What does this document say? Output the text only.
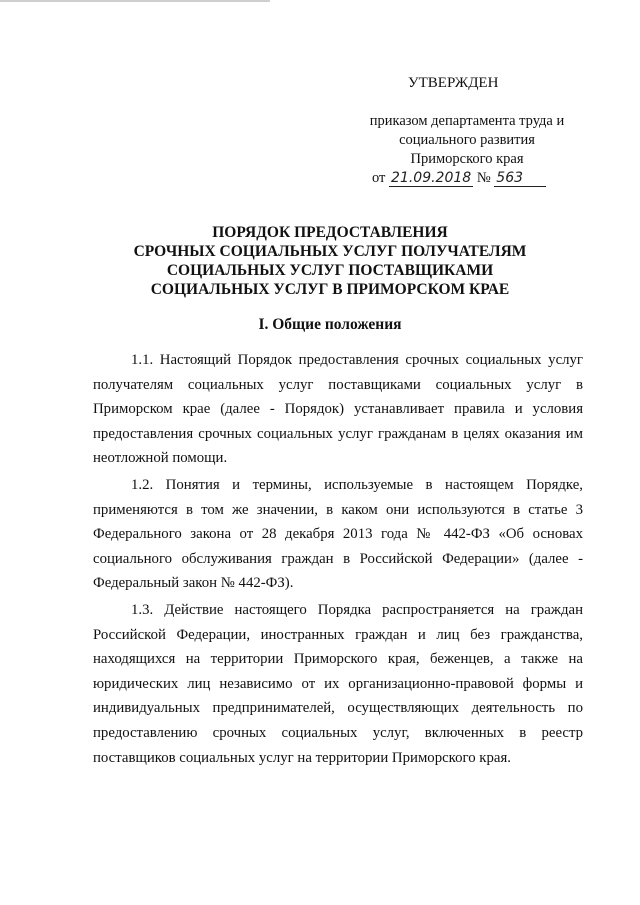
УТВЕРЖДЕН
приказом департамента труда и
социального развития
Приморского края
от 21.09.2018 № 563
ПОРЯДОК ПРЕДОСТАВЛЕНИЯ
СРОЧНЫХ СОЦИАЛЬНЫХ УСЛУГ ПОЛУЧАТЕЛЯМ
СОЦИАЛЬНЫХ УСЛУГ ПОСТАВЩИКАМИ
СОЦИАЛЬНЫХ УСЛУГ В ПРИМОРСКОМ КРАЕ
I. Общие положения

1.1. Настоящий Порядок предоставления срочных социальных услуг получателям социальных услуг поставщиками социальных услуг в Приморском крае (далее - Порядок) устанавливает правила и условия предоставления срочных социальных услуг гражданам в целях оказания им неотложной помощи.

1.2. Понятия и термины, используемые в настоящем Порядке, применяются в том же значении, в каком они используются в статье 3 Федерального закона от 28 декабря 2013 года № 442-ФЗ «Об основах социального обслуживания граждан в Российской Федерации» (далее - Федеральный закон № 442-ФЗ).

1.3. Действие настоящего Порядка распространяется на граждан Российской Федерации, иностранных граждан и лиц без гражданства, находящихся на территории Приморского края, беженцев, а также на юридических лиц независимо от их организационно-правовой формы и индивидуальных предпринимателей, осуществляющих деятельность по предоставлению срочных социальных услуг, включенных в реестр поставщиков социальных услуг на территории Приморского края.
